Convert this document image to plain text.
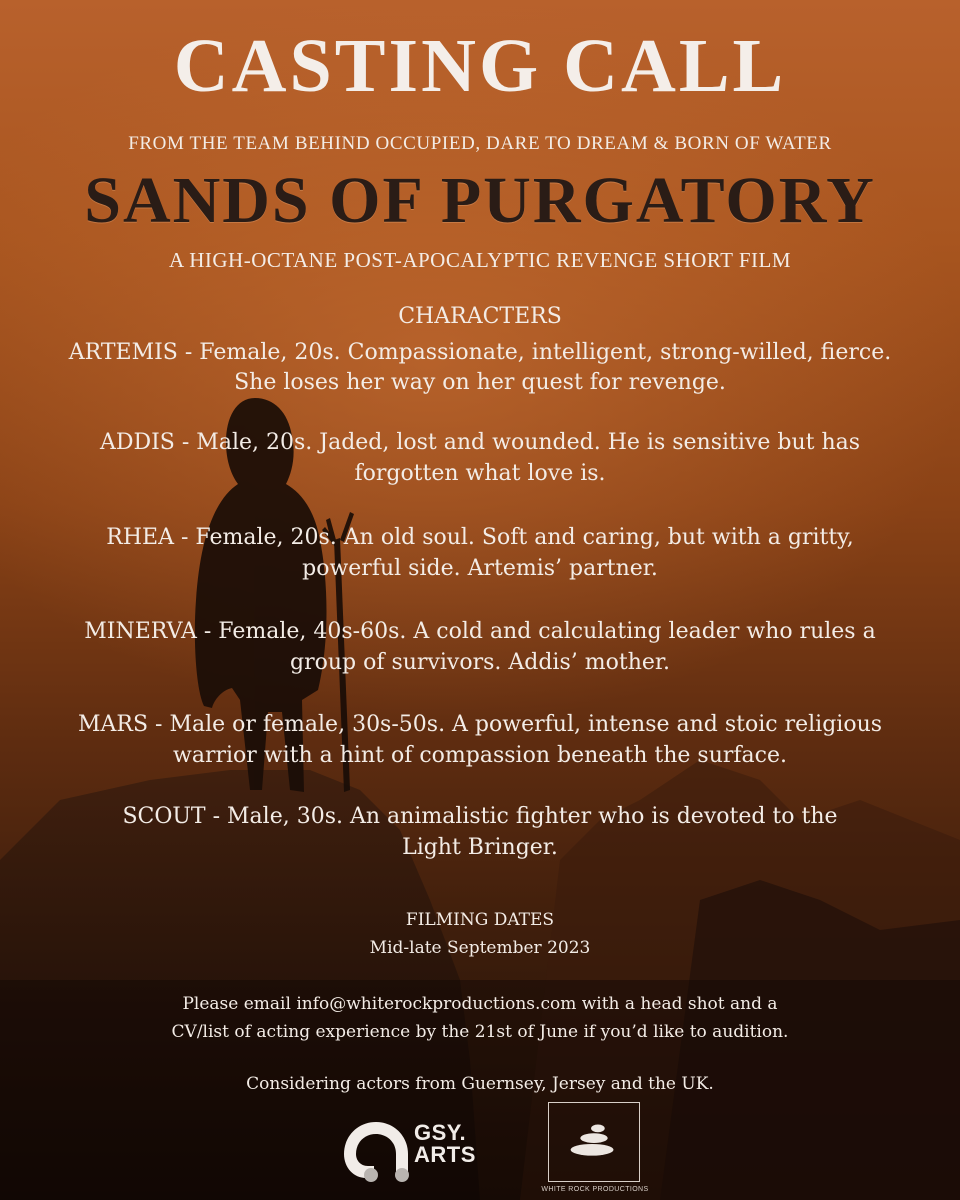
CASTING CALL

FROM THE TEAM BEHIND OCCUPIED, DARE TO DREAM & BORN OF WATER

SANDS OF PURGATORY

A HIGH-OCTANE POST-APOCALYPTIC REVENGE SHORT FILM

CHARACTERS

ARTEMIS - Female, 20s. Compassionate, intelligent, strong-willed, fierce.

She loses her way on her quest for revenge.

ADDIS - Male, 20s. Jaded, lost and wounded. He is sensitive but has

forgotten what love is.

RHEA - Female, 20s. An old soul. Soft and caring, but with a gritty,

powerful side. Artemis’ partner.

MINERVA - Female, 40s-60s. A cold and calculating leader who rules a

group of survivors. Addis’ mother.

MARS - Male or female, 30s-50s. A powerful, intense and stoic religious

warrior with a hint of compassion beneath the surface.

SCOUT - Male, 30s. An animalistic fighter who is devoted to the

Light Bringer.

FILMING DATES

Mid-late September 2023

Please email info@whiterockproductions.com with a head shot and a

CV/list of acting experience by the 21st of June if you’d like to audition.

Considering actors from Guernsey, Jersey and the UK.

GSY.
ARTS
WHITE ROCK PRODUCTIONS
